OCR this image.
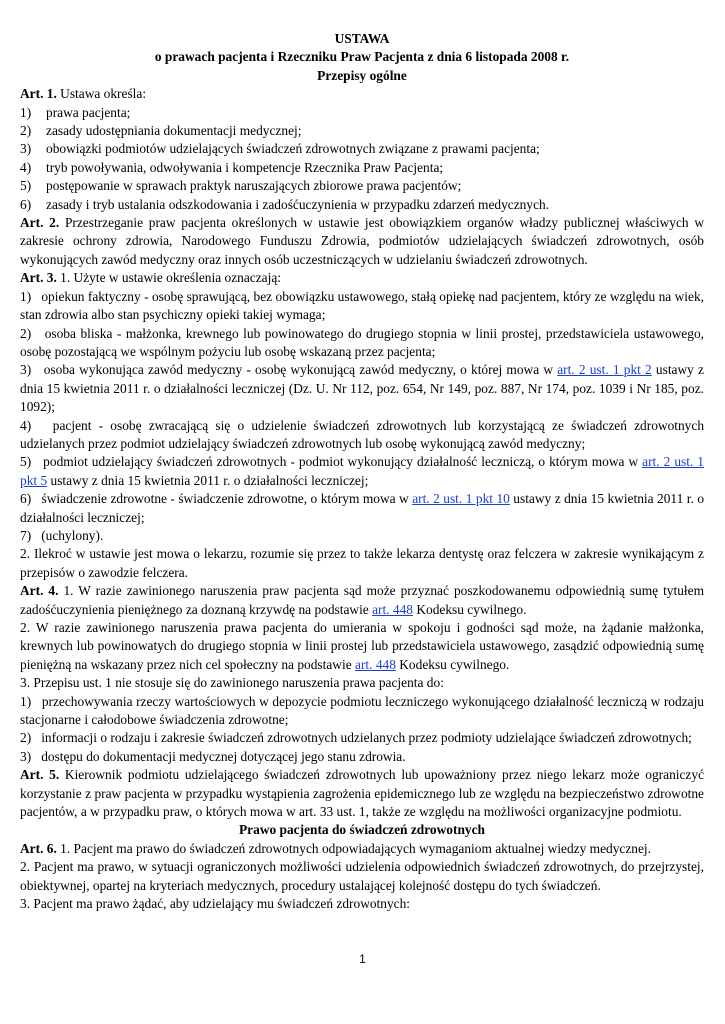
USTAWA
o prawach pacjenta i Rzeczniku Praw Pacjenta z dnia 6 listopada 2008 r.
Przepisy ogólne
Art. 1. Ustawa określa:
1)	prawa pacjenta;
2)	zasady udostępniania dokumentacji medycznej;
3)	obowiązki podmiotów udzielających świadczeń zdrowotnych związane z prawami pacjenta;
4)	tryb powoływania, odwoływania i kompetencje Rzecznika Praw Pacjenta;
5)	postępowanie w sprawach praktyk naruszających zbiorowe prawa pacjentów;
6)	zasady i tryb ustalania odszkodowania i zadośćuczynienia w przypadku zdarzeń medycznych.
Art. 2. Przestrzeganie praw pacjenta określonych w ustawie jest obowiązkiem organów władzy publicznej właściwych w zakresie ochrony zdrowia, Narodowego Funduszu Zdrowia, podmiotów udzielających świadczeń zdrowotnych, osób wykonujących zawód medyczny oraz innych osób uczestniczących w udzielaniu świadczeń zdrowotnych.
Art. 3. 1. Użyte w ustawie określenia oznaczają:
1) opiekun faktyczny - osobę sprawującą, bez obowiązku ustawowego, stałą opiekę nad pacjentem, który ze względu na wiek, stan zdrowia albo stan psychiczny opieki takiej wymaga;
2) osoba bliska - małżonka, krewnego lub powinowatego do drugiego stopnia w linii prostej, przedstawiciela ustawowego, osobę pozostającą we wspólnym pożyciu lub osobę wskazaną przez pacjenta;
3) osoba wykonująca zawód medyczny - osobę wykonującą zawód medyczny, o której mowa w art. 2 ust. 1 pkt 2 ustawy z dnia 15 kwietnia 2011 r. o działalności leczniczej (Dz. U. Nr 112, poz. 654, Nr 149, poz. 887, Nr 174, poz. 1039 i Nr 185, poz. 1092);
4) pacjent - osobę zwracającą się o udzielenie świadczeń zdrowotnych lub korzystającą ze świadczeń zdrowotnych udzielanych przez podmiot udzielający świadczeń zdrowotnych lub osobę wykonującą zawód medyczny;
5) podmiot udzielający świadczeń zdrowotnych - podmiot wykonujący działalność leczniczą, o którym mowa w art. 2 ust. 1 pkt 5 ustawy z dnia 15 kwietnia 2011 r. o działalności leczniczej;
6) świadczenie zdrowotne - świadczenie zdrowotne, o którym mowa w art. 2 ust. 1 pkt 10 ustawy z dnia 15 kwietnia 2011 r. o działalności leczniczej;
7) (uchylony).
2. Ilekroć w ustawie jest mowa o lekarzu, rozumie się przez to także lekarza dentystę oraz felczera w zakresie wynikającym z przepisów o zawodzie felczera.
Art. 4. 1. W razie zawinionego naruszenia praw pacjenta sąd może przyznać poszkodowanemu odpowiednią sumę tytułem zadośćuczynienia pieniężnego za doznaną krzywdę na podstawie art. 448 Kodeksu cywilnego.
2. W razie zawinionego naruszenia prawa pacjenta do umierania w spokoju i godności sąd może, na żądanie małżonka, krewnych lub powinowatych do drugiego stopnia w linii prostej lub przedstawiciela ustawowego, zasądzić odpowiednią sumę pieniężną na wskazany przez nich cel społeczny na podstawie art. 448 Kodeksu cywilnego.
3. Przepisu ust. 1 nie stosuje się do zawinionego naruszenia prawa pacjenta do:
1) przechowywania rzeczy wartościowych w depozycie podmiotu leczniczego wykonującego działalność leczniczą w rodzaju stacjonarne i całodobowe świadczenia zdrowotne;
2) informacji o rodzaju i zakresie świadczeń zdrowotnych udzielanych przez podmioty udzielające świadczeń zdrowotnych;
3) dostępu do dokumentacji medycznej dotyczącej jego stanu zdrowia.
Art. 5. Kierownik podmiotu udzielającego świadczeń zdrowotnych lub upoważniony przez niego lekarz może ograniczyć korzystanie z praw pacjenta w przypadku wystąpienia zagrożenia epidemicznego lub ze względu na bezpieczeństwo zdrowotne pacjentów, a w przypadku praw, o których mowa w art. 33 ust. 1, także ze względu na możliwości organizacyjne podmiotu.
Prawo pacjenta do świadczeń zdrowotnych
Art. 6. 1. Pacjent ma prawo do świadczeń zdrowotnych odpowiadających wymaganiom aktualnej wiedzy medycznej.
2. Pacjent ma prawo, w sytuacji ograniczonych możliwości udzielenia odpowiednich świadczeń zdrowotnych, do przejrzystej, obiektywnej, opartej na kryteriach medycznych, procedury ustalającej kolejność dostępu do tych świadczeń.
3. Pacjent ma prawo żądać, aby udzielający mu świadczeń zdrowotnych:
1
